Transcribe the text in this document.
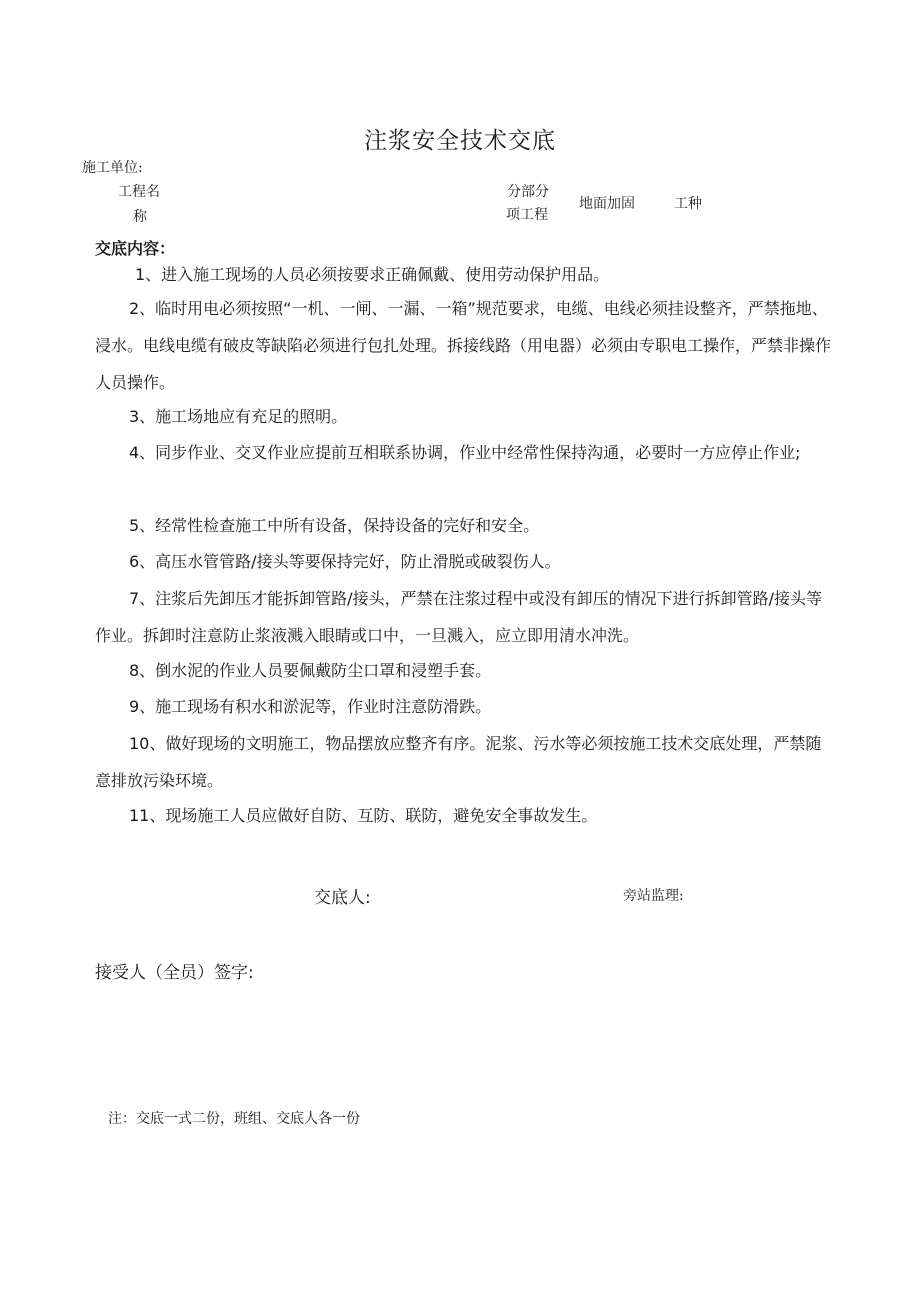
注浆安全技术交底
施工单位:
工程名
称
分部分
项工程
地面加固	工种
交底内容：
1、进入施工现场的人员必须按要求正确佩戴、使用劳动保护用品。
2、临时用电必须按照“一机、一闸、一漏、一箱”规范要求，电缆、电线必须挂设整齐，严禁拖地、浸水。电线电缆有破皮等缺陷必须进行包扎处理。拆接线路（用电器）必须由专职电工操作，严禁非操作人员操作。
3、施工场地应有充足的照明。
4、同步作业、交叉作业应提前互相联系协调，作业中经常性保持沟通，必要时一方应停止作业;
5、经常性检查施工中所有设备，保持设备的完好和安全。
6、高压水管管路/接头等要保持完好，防止滑脱或破裂伤人。
7、注浆后先卸压才能拆卸管路/接头，严禁在注浆过程中或没有卸压的情况下进行拆卸管路/接头等作业。拆卸时注意防止浆液溅入眼睛或口中，一旦溅入，应立即用清水冲洗。
8、倒水泥的作业人员要佩戴防尘口罩和浸塑手套。
9、施工现场有积水和淤泥等，作业时注意防滑跌。
10、做好现场的文明施工，物品摆放应整齐有序。泥浆、污水等必须按施工技术交底处理，严禁随意排放污染环境。
11、现场施工人员应做好自防、互防、联防，避免安全事故发生。
交底人:	旁站监理:
接受人（全员）签字:
注：交底一式二份，班组、交底人各一份
